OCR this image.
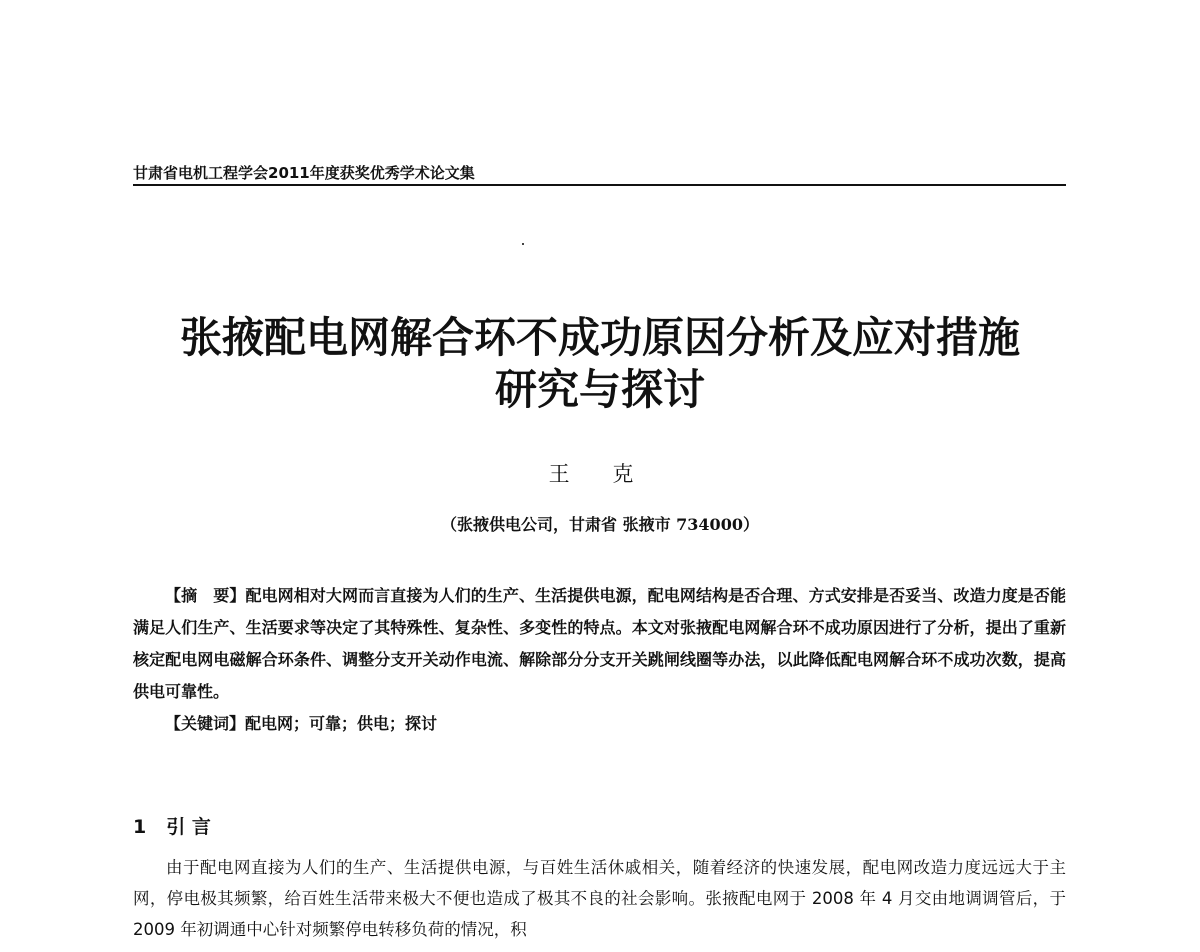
甘肃省电机工程学会2011年度获奖优秀学术论文集
张掖配电网解合环不成功原因分析及应对措施
研究与探讨
王 克
（张掖供电公司，甘肃省 张掖市 734000）

【摘　要】配电网相对大网而言直接为人们的生产、生活提供电源，配电网结构是否合理、方式安排是否妥当、改造力度是否能满足人们生产、生活要求等决定了其特殊性、复杂性、多变性的特点。本文对张掖配电网解合环不成功原因进行了分析，提出了重新核定配电网电磁解合环条件、调整分支开关动作电流、解除部分分支开关跳闸线圈等办法，以此降低配电网解合环不成功次数，提高供电可靠性。

【关键词】配电网；可靠；供电；探讨

1 引 言

由于配电网直接为人们的生产、生活提供电源，与百姓生活休戚相关，随着经济的快速发展，配电网改造力度远远大于主网，停电极其频繁，给百姓生活带来极大不便也造成了极其不良的社会影响。张掖配电网于 2008 年 4 月交由地调调管后，于 2009 年初调通中心针对频繁停电转移负荷的情况，积
